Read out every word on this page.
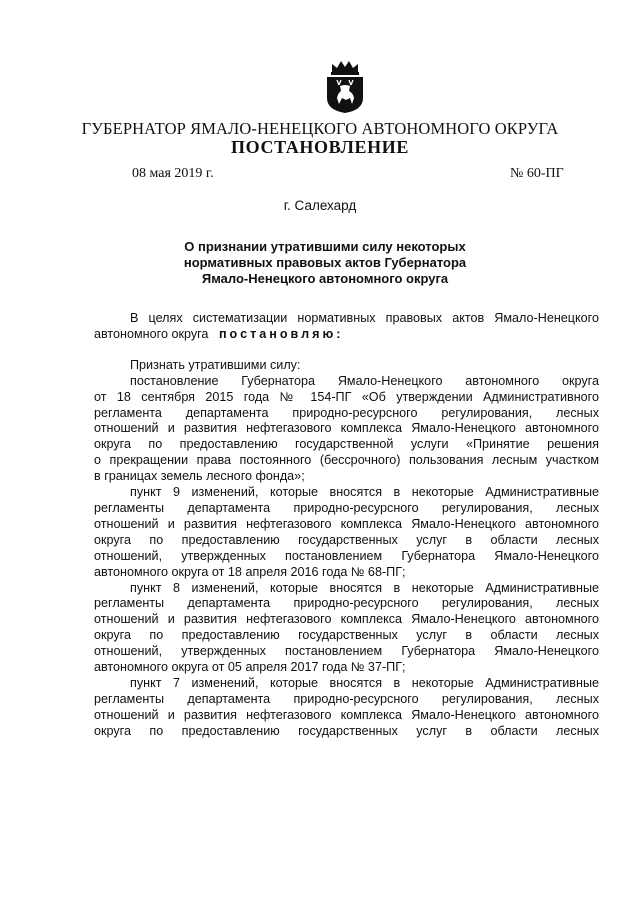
ГУБЕРНАТОР ЯМАЛО-НЕНЕЦКОГО АВТОНОМНОГО ОКРУГА
ПОСТАНОВЛЕНИЕ
08 мая 2019 г.	№ 60-ПГ
г. Салехард
О признании утратившими силу некоторых
нормативных правовых актов Губернатора
Ямало-Ненецкого автономного округа

В целях систематизации нормативных правовых актов Ямало-Ненецкого

автономного округа постановляю:

Признать утратившими силу:

постановление Губернатора Ямало-Ненецкого автономного округа

от 18 сентября 2015 года № 154-ПГ «Об утверждении Административного

регламента департамента природно-ресурсного регулирования, лесных

отношений и развития нефтегазового комплекса Ямало-Ненецкого автономного

округа по предоставлению государственной услуги «Принятие решения

о прекращении права постоянного (бессрочного) пользования лесным участком

в границах земель лесного фонда»;

пункт 9 изменений, которые вносятся в некоторые Административные

регламенты департамента природно-ресурсного регулирования, лесных

отношений и развития нефтегазового комплекса Ямало-Ненецкого автономного

округа по предоставлению государственных услуг в области лесных

отношений, утвержденных постановлением Губернатора Ямало-Ненецкого

автономного округа от 18 апреля 2016 года № 68-ПГ;

пункт 8 изменений, которые вносятся в некоторые Административные

регламенты департамента природно-ресурсного регулирования, лесных

отношений и развития нефтегазового комплекса Ямало-Ненецкого автономного

округа по предоставлению государственных услуг в области лесных

отношений, утвержденных постановлением Губернатора Ямало-Ненецкого

автономного округа от 05 апреля 2017 года № 37-ПГ;

пункт 7 изменений, которые вносятся в некоторые Административные

регламенты департамента природно-ресурсного регулирования, лесных

отношений и развития нефтегазового комплекса Ямало-Ненецкого автономного

округа по предоставлению государственных услуг в области лесных
